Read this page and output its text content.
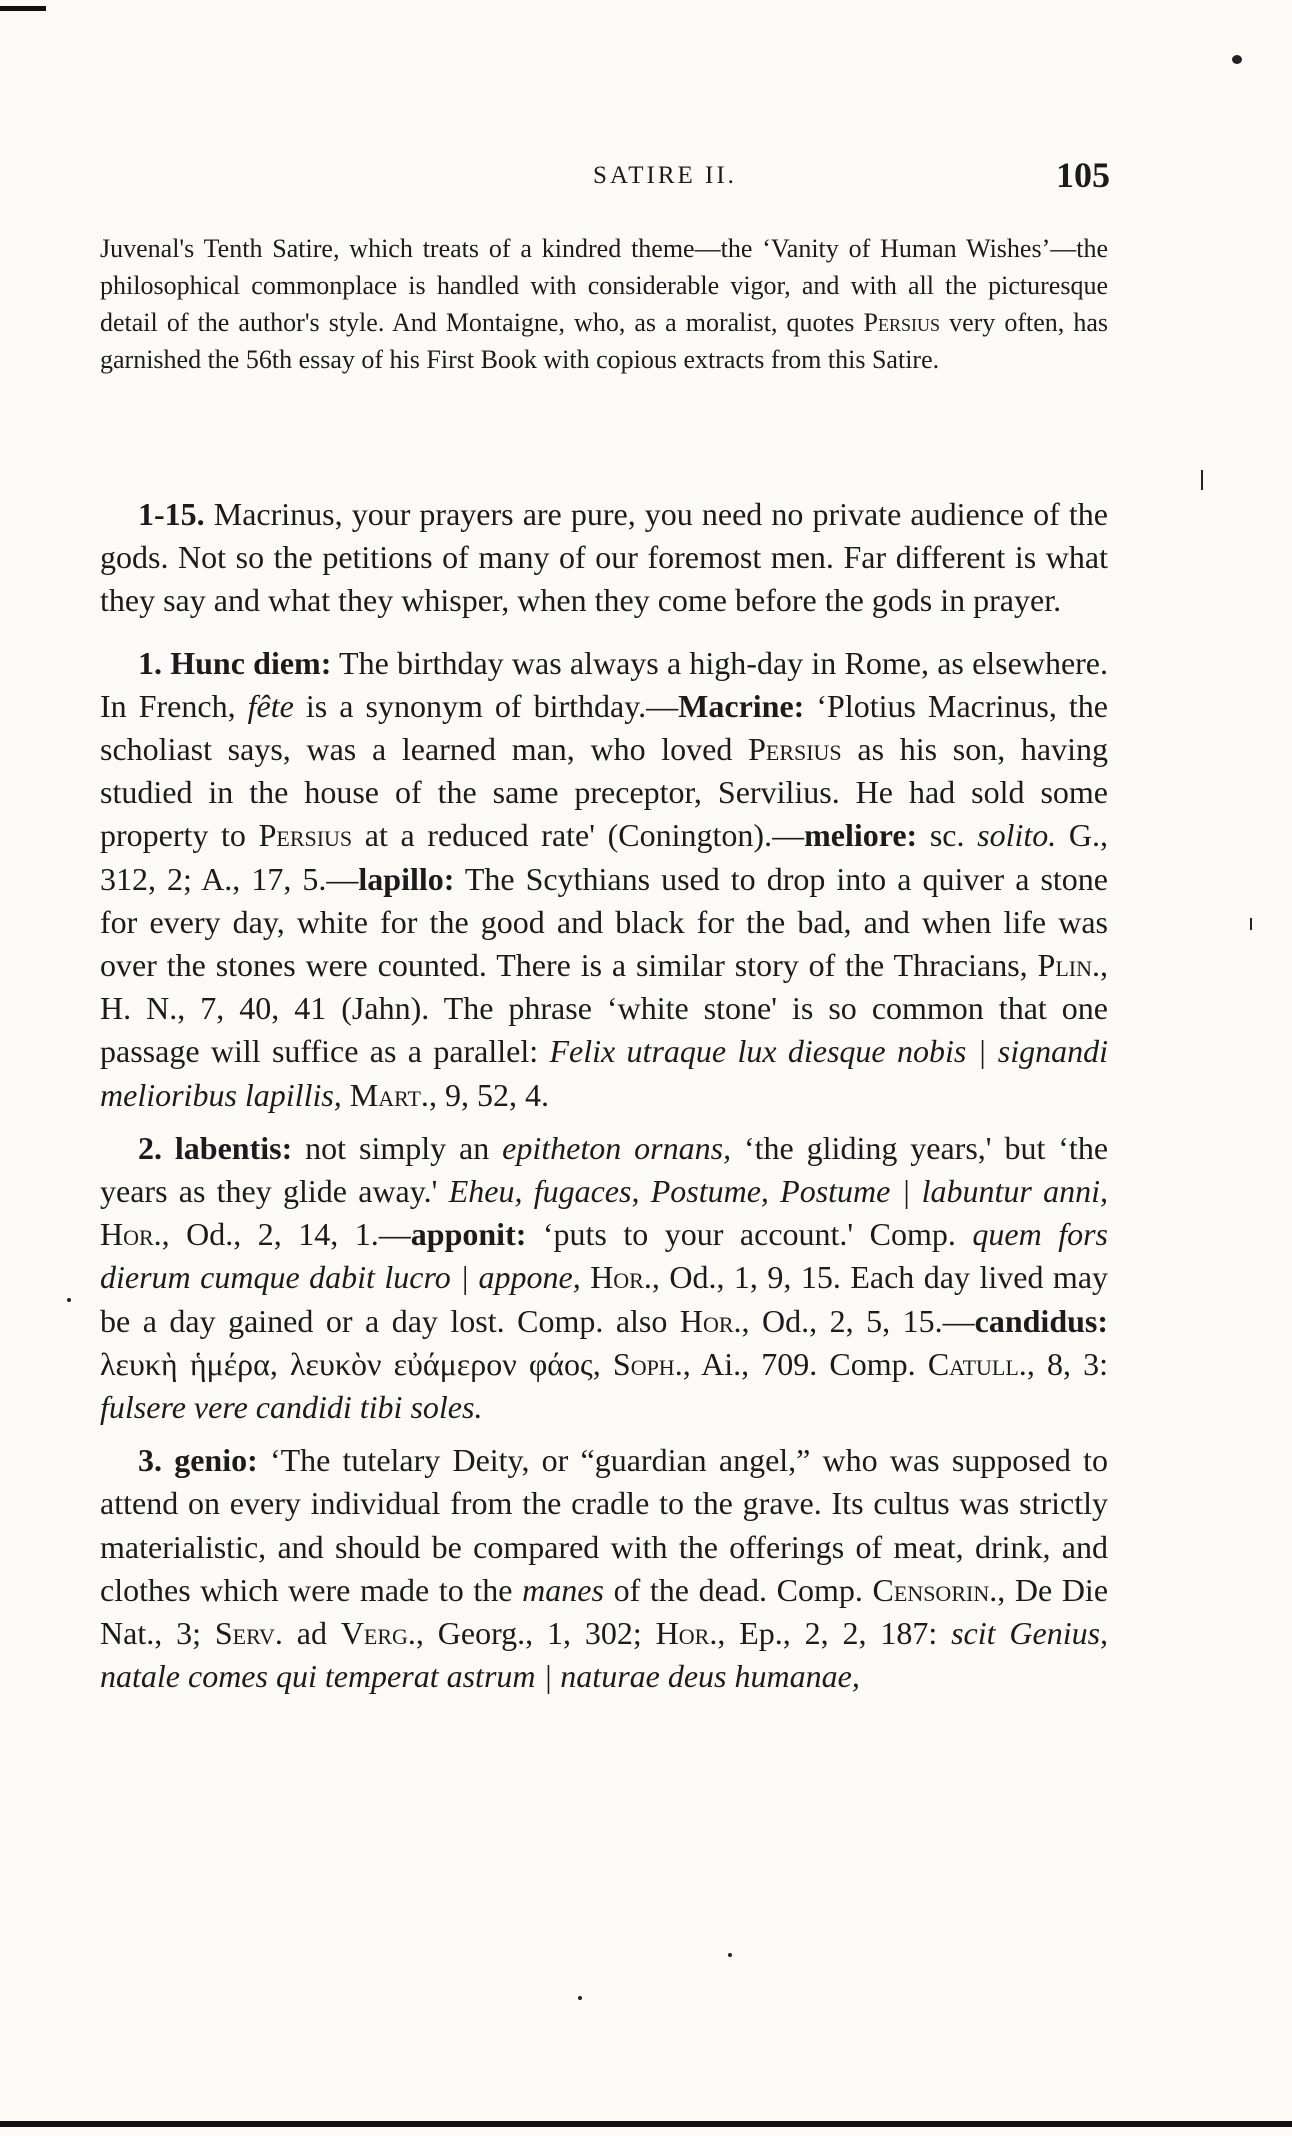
SATIRE II.	105

Juvenal's Tenth Satire, which treats of a kindred theme—the ‘Vanity of Human Wishes’—the philosophical commonplace is handled with considerable vigor, and with all the picturesque detail of the author's style. And Montaigne, who, as a moralist, quotes Persius very often, has garnished the 56th essay of his First Book with copious extracts from this Satire.

1-15. Macrinus, your prayers are pure, you need no private audience of the gods. Not so the petitions of many of our foremost men. Far different is what they say and what they whisper, when they come before the gods in prayer.

1. Hunc diem: The birthday was always a high-day in Rome, as elsewhere. In French, fête is a synonym of birthday.—Macrine: ‘Plotius Macrinus, the scholiast says, was a learned man, who loved Persius as his son, having studied in the house of the same preceptor, Servilius. He had sold some property to Persius at a reduced rate' (Conington).—meliore: sc. solito. G., 312, 2; A., 17, 5.—lapillo: The Scythians used to drop into a quiver a stone for every day, white for the good and black for the bad, and when life was over the stones were counted. There is a similar story of the Thracians, Plin., H. N., 7, 40, 41 (Jahn). The phrase ‘white stone' is so common that one passage will suffice as a parallel: Felix utraque lux diesque nobis | signandi melioribus lapillis, Mart., 9, 52, 4.

2. labentis: not simply an epitheton ornans, ‘the gliding years,' but ‘the years as they glide away.' Eheu, fugaces, Postume, Postume | labuntur anni, Hor., Od., 2, 14, 1.—apponit: ‘puts to your account.' Comp. quem fors dierum cumque dabit lucro | appone, Hor., Od., 1, 9, 15. Each day lived may be a day gained or a day lost. Comp. also Hor., Od., 2, 5, 15.—candidus: λευκὴ ἡμέρα, λευκὸν εὐάμερον φάος, Soph., Ai., 709. Comp. Catull., 8, 3: fulsere vere candidi tibi soles.

3. genio: ‘The tutelary Deity, or “guardian angel,” who was supposed to attend on every individual from the cradle to the grave. Its cultus was strictly materialistic, and should be compared with the offerings of meat, drink, and clothes which were made to the manes of the dead. Comp. Censorin., De Die Nat., 3; Serv. ad Verg., Georg., 1, 302; Hor., Ep., 2, 2, 187: scit Genius, natale comes qui temperat astrum | naturae deus humanae,
